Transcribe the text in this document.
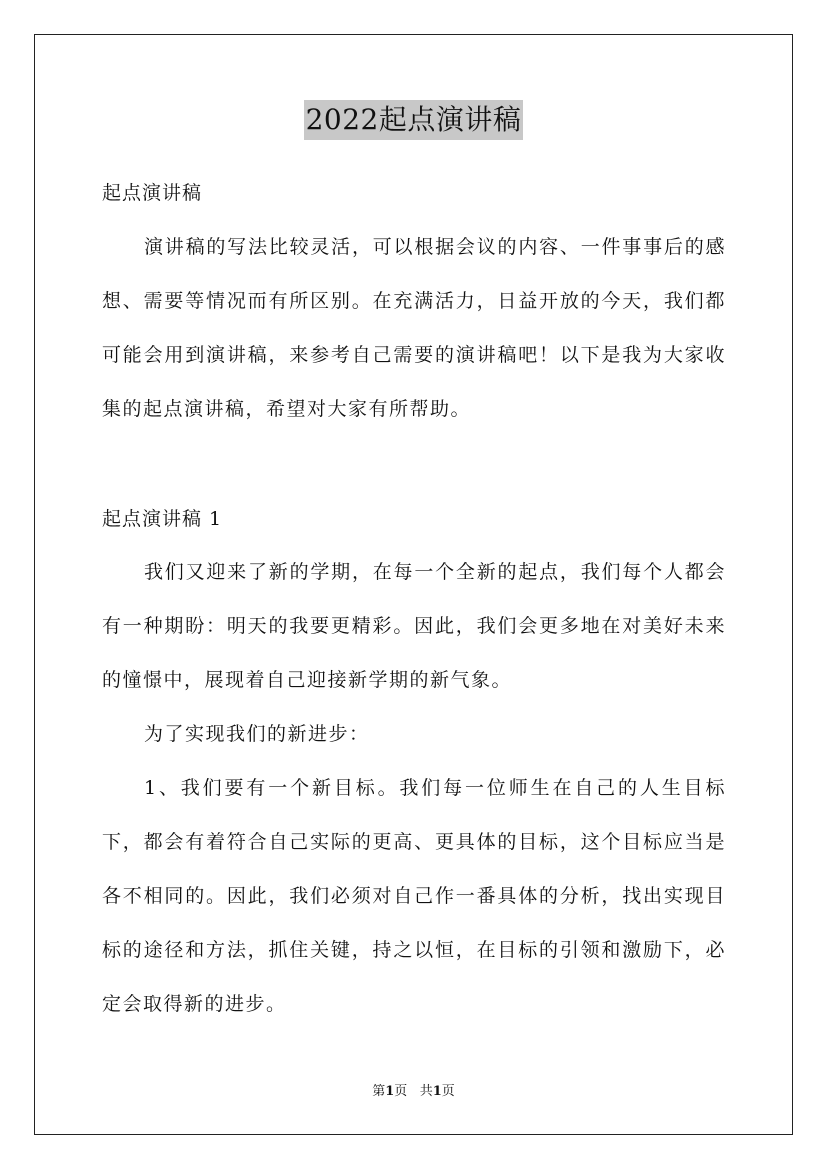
2022起点演讲稿

起点演讲稿

演讲稿的写法比较灵活，可以根据会议的内容、一件事事后的感想、需要等情况而有所区别。在充满活力，日益开放的今天，我们都可能会用到演讲稿，来参考自己需要的演讲稿吧！以下是我为大家收集的起点演讲稿，希望对大家有所帮助。

起点演讲稿 1

我们又迎来了新的学期，在每一个全新的起点，我们每个人都会有一种期盼：明天的我要更精彩。因此，我们会更多地在对美好未来的憧憬中，展现着自己迎接新学期的新气象。

为了实现我们的新进步：

1、我们要有一个新目标。我们每一位师生在自己的人生目标下，都会有着符合自己实际的更高、更具体的目标，这个目标应当是各不相同的。因此，我们必须对自己作一番具体的分析，找出实现目标的途径和方法，抓住关键，持之以恒，在目标的引领和激励下，必定会取得新的进步。

第1页   共1页
